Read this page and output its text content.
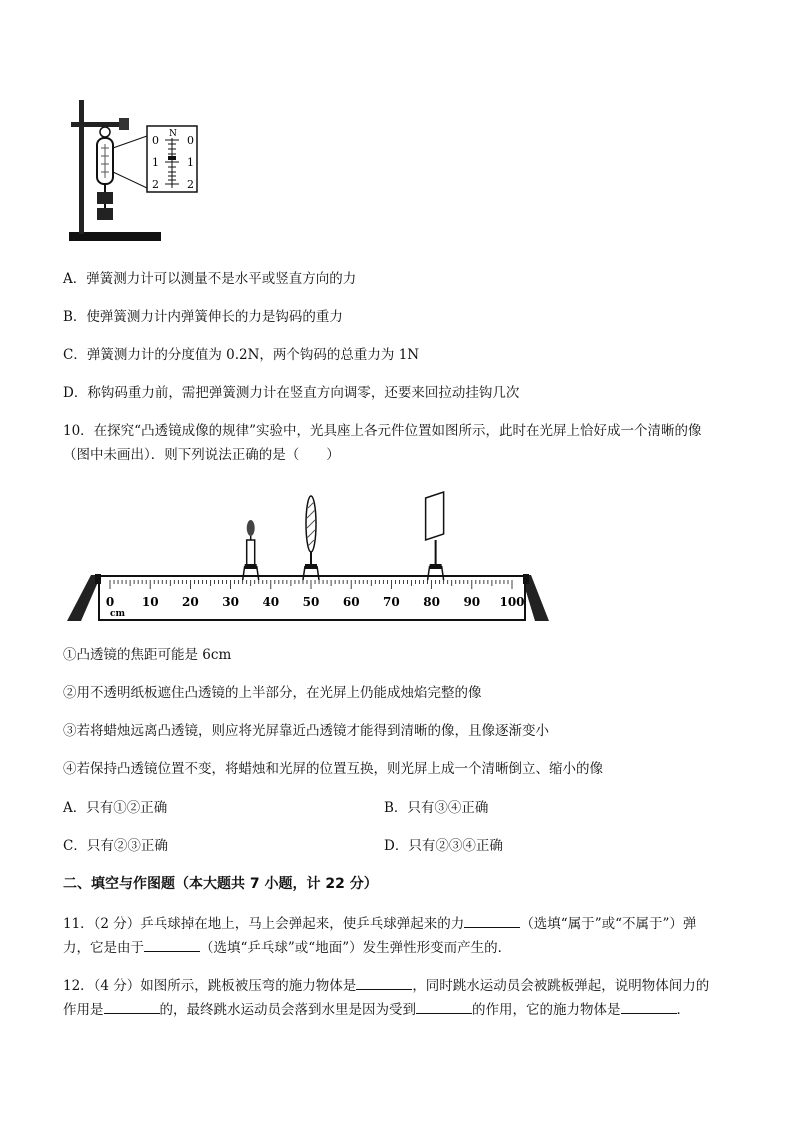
N
0
1
2
0
1
2
A．弹簧测力计可以测量不是水平或竖直方向的力
B．使弹簧测力计内弹簧伸长的力是钩码的重力
C．弹簧测力计的分度值为 0.2N，两个钩码的总重力为 1N
D．称钩码重力前，需把弹簧测力计在竖直方向调零，还要来回拉动挂钩几次
10．在探究“凸透镜成像的规律”实验中，光具座上各元件位置如图所示，此时在光屏上恰好成一个清晰的像
（图中未画出）．则下列说法正确的是（　　）
0 10 20 30 40 50 60 70 80 90 100
cm
①凸透镜的焦距可能是 6cm
②用不透明纸板遮住凸透镜的上半部分，在光屏上仍能成烛焰完整的像
③若将蜡烛远离凸透镜，则应将光屏靠近凸透镜才能得到清晰的像，且像逐渐变小
④若保持凸透镜位置不变，将蜡烛和光屏的位置互换，则光屏上成一个清晰倒立、缩小的像
A．只有①②正确	B．只有③④正确
C．只有②③正确	D．只有②③④正确
二、填空与作图题（本大题共 7 小题，计 22 分）
11．（2 分）乒乓球掉在地上，马上会弹起来，使乒乓球弹起来的力	（选填“属于”或“不属于”）弹
力，它是由于	（选填“乒乓球”或“地面”）发生弹性形变而产生的．
12．（4 分）如图所示，跳板被压弯的施力物体是	，同时跳水运动员会被跳板弹起，说明物体间力的
作用是	的，最终跳水运动员会落到水里是因为受到	的作用，它的施力物体是	．
